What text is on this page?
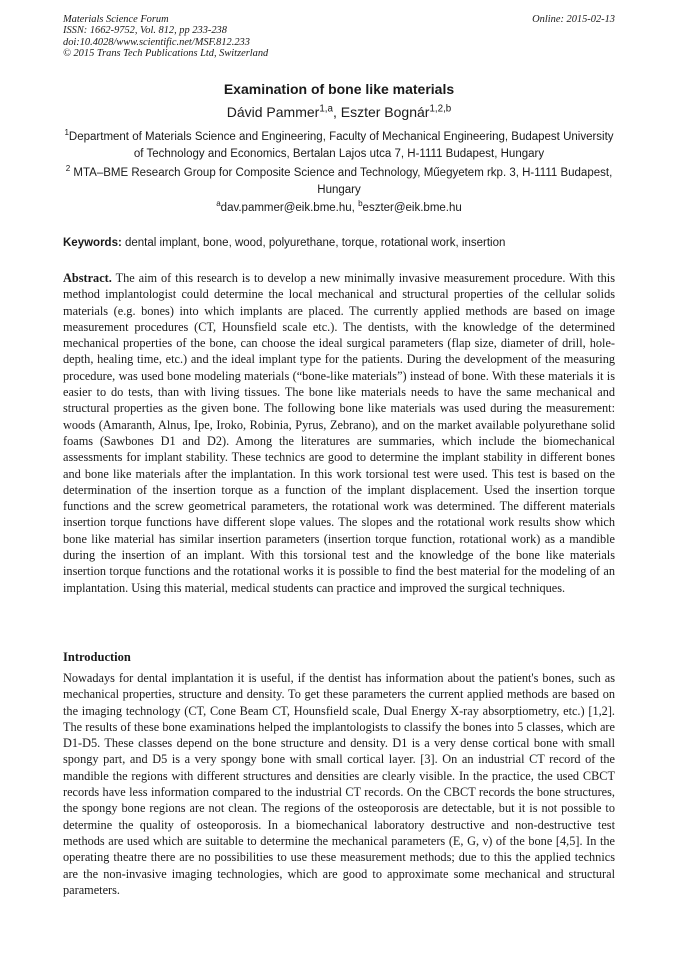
Materials Science Forum
ISSN: 1662-9752, Vol. 812, pp 233-238
doi:10.4028/www.scientific.net/MSF.812.233
© 2015 Trans Tech Publications Ltd, Switzerland
Online: 2015-02-13
Examination of bone like materials
Dávid Pammer$^{1,a}$, Eszter Bognár$^{1,2,b}$
$^1$Department of Materials Science and Engineering, Faculty of Mechanical Engineering, Budapest University of Technology and Economics, Bertalan Lajos utca 7, H-1111 Budapest, Hungary
$^2$ MTA–BME Research Group for Composite Science and Technology, Műegyetem rkp. 3, H-1111 Budapest, Hungary
$^a$dav.pammer@eik.bme.hu, $^b$eszter@eik.bme.hu
Keywords: dental implant, bone, wood, polyurethane, torque, rotational work, insertion
Abstract. The aim of this research is to develop a new minimally invasive measurement procedure. With this method implantologist could determine the local mechanical and structural properties of the cellular solids materials (e.g. bones) into which implants are placed. The currently applied methods are based on image measurement procedures (CT, Hounsfield scale etc.). The dentists, with the knowledge of the determined mechanical properties of the bone, can choose the ideal surgical parameters (flap size, diameter of drill, hole-depth, healing time, etc.) and the ideal implant type for the patients. During the development of the measuring procedure, was used bone modeling materials (“bone-like materials”) instead of bone. With these materials it is easier to do tests, than with living tissues. The bone like materials needs to have the same mechanical and structural properties as the given bone. The following bone like materials was used during the measurement: woods (Amaranth, Alnus, Ipe, Iroko, Robinia, Pyrus, Zebrano), and on the market available polyurethane solid foams (Sawbones D1 and D2). Among the literatures are summaries, which include the biomechanical assessments for implant stability. These technics are good to determine the implant stability in different bones and bone like materials after the implantation. In this work torsional test were used. This test is based on the determination of the insertion torque as a function of the implant displacement. Used the insertion torque functions and the screw geometrical parameters, the rotational work was determined. The different materials insertion torque functions have different slope values. The slopes and the rotational work results show which bone like material has similar insertion parameters (insertion torque function, rotational work) as a mandible during the insertion of an implant. With this torsional test and the knowledge of the bone like materials insertion torque functions and the rotational works it is possible to find the best material for the modeling of an implantation. Using this material, medical students can practice and improved the surgical techniques.
Introduction
Nowadays for dental implantation it is useful, if the dentist has information about the patient's bones, such as mechanical properties, structure and density. To get these parameters the current applied methods are based on the imaging technology (CT, Cone Beam CT, Hounsfield scale, Dual Energy X-ray absorptiometry, etc.) [1,2]. The results of these bone examinations helped the implantologists to classify the bones into 5 classes, which are D1-D5. These classes depend on the bone structure and density. D1 is a very dense cortical bone with small spongy part, and D5 is a very spongy bone with small cortical layer. [3]. On an industrial CT record of the mandible the regions with different structures and densities are clearly visible. In the practice, the used CBCT records have less information compared to the industrial CT records. On the CBCT records the bone structures, the spongy bone regions are not clean. The regions of the osteoporosis are detectable, but it is not possible to determine the quality of osteoporosis. In a biomechanical laboratory destructive and non-destructive test methods are used which are suitable to determine the mechanical parameters (E, G, ν) of the bone [4,5]. In the operating theatre there are no possibilities to use these measurement methods; due to this the applied technics are the non-invasive imaging technologies, which are good to approximate some mechanical and structural parameters.
